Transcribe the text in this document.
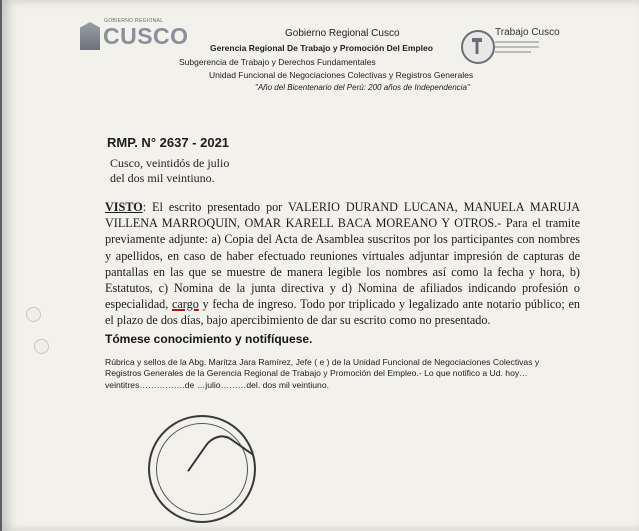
GOBIERNO REGIONAL
CUSCO	Trabajo Cusco
Gobierno Regional Cusco
Gerencia Regional De Trabajo y Promoción Del Empleo
Subgerencia de Trabajo y Derechos Fundamentales
Unidad Funcional de Negociaciones Colectivas y Registros Generales
"Año del Bicentenario del Perú: 200 años de Independencia"
RMP. N° 2637 - 2021
Cusco, veintidós de julio
del dos mil veintiuno.
VISTO: El escrito presentado por VALERIO DURAND LUCANA, MANUELA MARUJA VILLENA MARROQUIN, OMAR KARELL BACA MOREANO Y OTROS.- Para el tramite previamente adjunte: a) Copia del Acta de Asamblea suscritos por los participantes con nombres y apellidos, en caso de haber efectuado reuniones virtuales adjuntar impresión de capturas de pantallas en las que se muestre de manera legible los nombres así como la fecha y hora, b) Estatutos, c) Nomina de la junta directiva y d) Nomina de afiliados indicando profesión o especialidad, cargo y fecha de ingreso. Todo por triplicado y legalizado ante notario público; en el plazo de dos días, bajo apercibimiento de dar su escrito como no presentado.
Tómese conocimiento y notifíquese.
Rúbrica y sellos de la Abg. Maritza Jara Ramírez, Jefe ( e ) de la Unidad Funcional de Negociaciones Colectivas y Registros Generales de la Gerencia Regional de Trabajo y Promoción del Empleo.- Lo que notifico a Ud. hoy…veintitres…………….de …julio………del. dos mil veintiuno.
